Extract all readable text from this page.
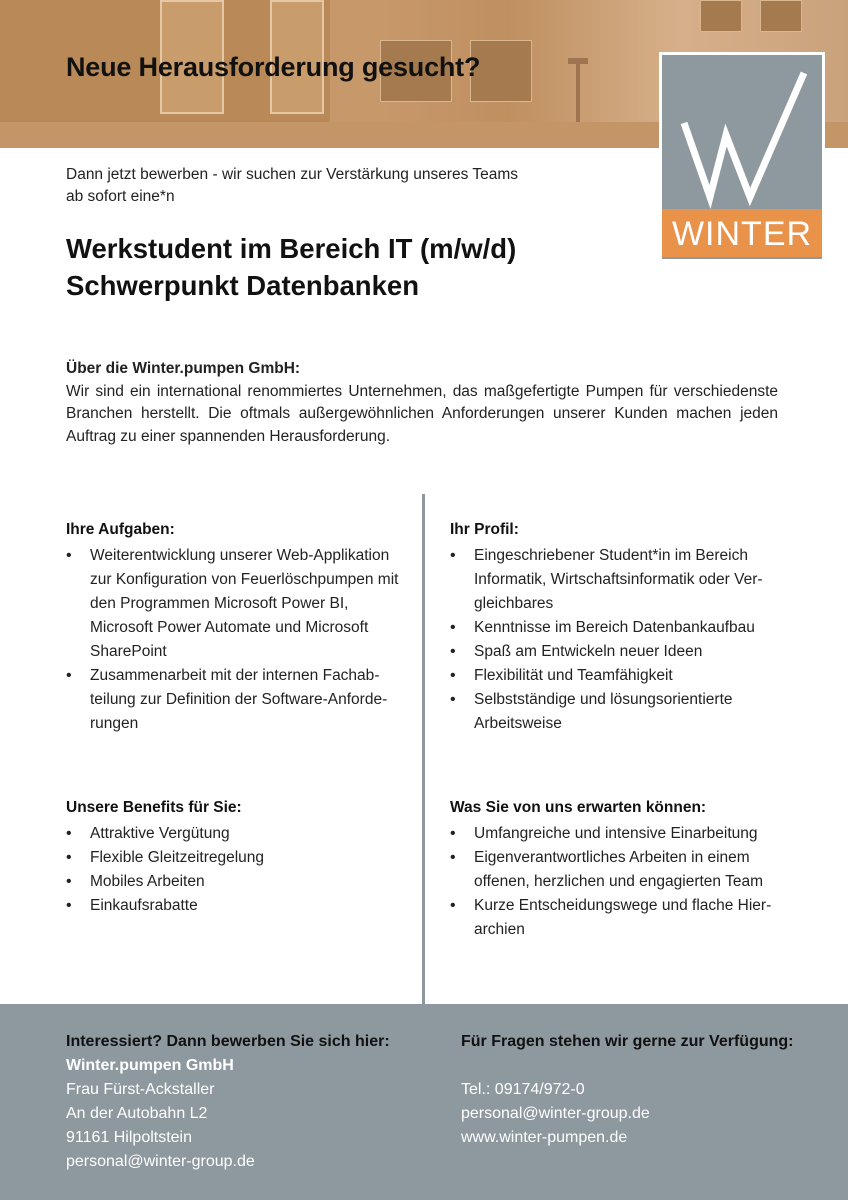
Neue Herausforderung gesucht?
WINTER

Dann jetzt bewerben - wir suchen zur Verstärkung unseres Teams

ab sofort eine*n

Werkstudent im Bereich IT (m/w/d)
Schwerpunkt Datenbanken
Über die Winter.pumpen GmbH:

Wir sind ein international renommiertes Unternehmen, das maßgefertigte Pumpen für verschiedenste Branchen herstellt. Die oftmals außergewöhnlichen Anforderungen unserer Kunden machen jeden Auftrag zu einer spannenden Herausforderung.

Ihre Aufgaben:
• Weiterentwicklung unserer Web-Applikation zur Konfiguration von Feuerlöschpumpen mit den Programmen Microsoft Power BI, Microsoft Power Automate und Microsoft SharePoint
• Zusammenarbeit mit der internen Fachabteilung zur Definition der Software-Anforderungen
Ihr Profil:
• Eingeschriebener Student*in im Bereich Informatik, Wirtschaftsinformatik oder Vergleichbares
• Kenntnisse im Bereich Datenbankaufbau
• Spaß am Entwickeln neuer Ideen
• Flexibilität und Teamfähigkeit
• Selbstständige und lösungsorientierte Arbeitsweise
Unsere Benefits für Sie:
• Attraktive Vergütung
• Flexible Gleitzeitregelung
• Mobiles Arbeiten
• Einkaufsrabatte
Was Sie von uns erwarten können:
• Umfangreiche und intensive Einarbeitung
• Eigenverantwortliches Arbeiten in einem offenen, herzlichen und engagierten Team
• Kurze Entscheidungswege und flache Hierarchien
Interessiert? Dann bewerben Sie sich hier:
Winter.pumpen GmbH
Frau Fürst-Ackstaller
An der Autobahn L2
91161 Hilpoltstein
personal@winter-group.de
Für Fragen stehen wir gerne zur Verfügung:
Tel.: 09174/972-0
personal@winter-group.de
www.winter-pumpen.de
